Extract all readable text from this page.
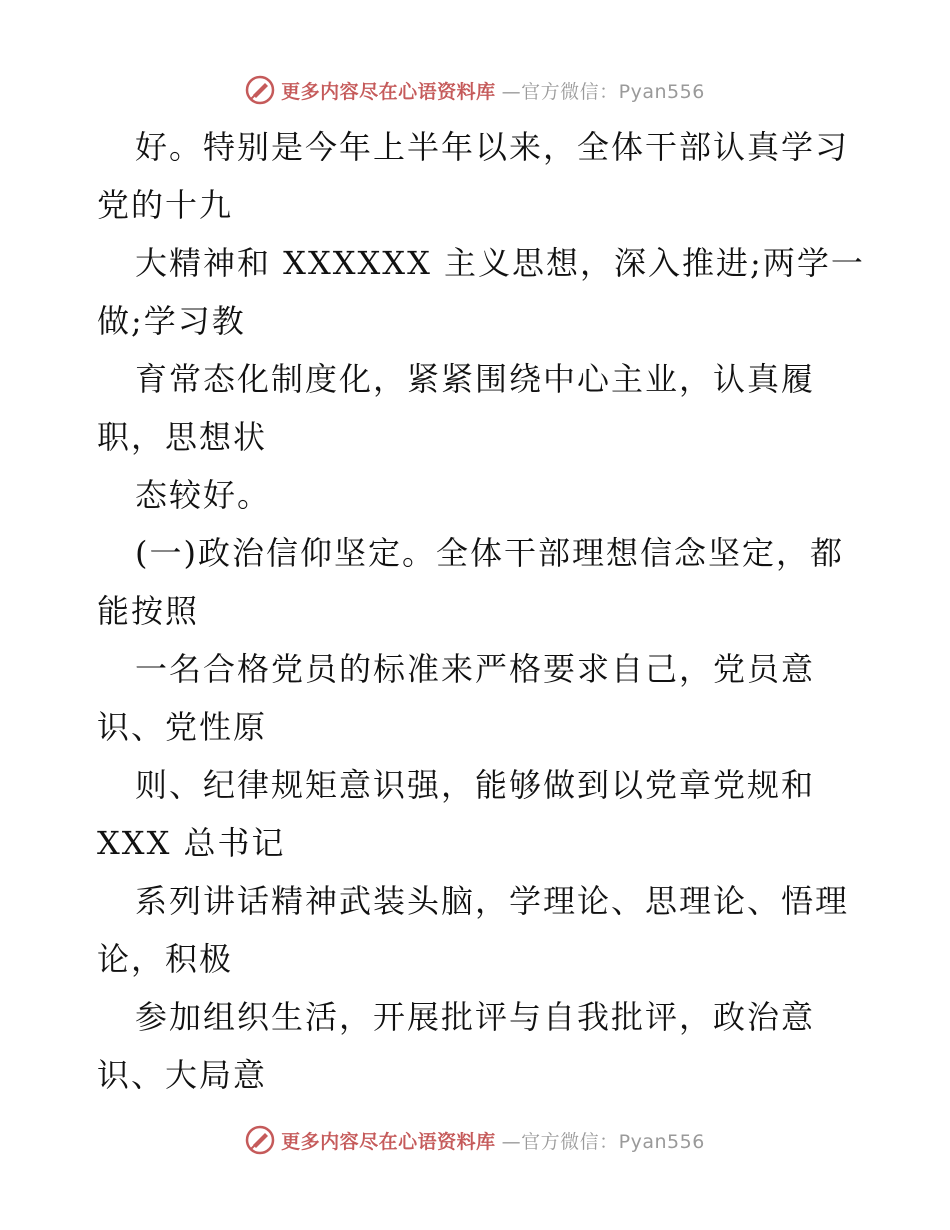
更多内容尽在心语资料库 —官方微信：Pyan556
好。特别是今年上半年以来，全体干部认真学习
党的十九
大精神和 XXXXXX 主义思想，深入推进;两学一
做;学习教
育常态化制度化，紧紧围绕中心主业，认真履
职，思想状
态较好。
(一)政治信仰坚定。全体干部理想信念坚定，都
能按照
一名合格党员的标准来严格要求自己，党员意
识、党性原
则、纪律规矩意识强，能够做到以党章党规和
XXX 总书记
系列讲话精神武装头脑，学理论、思理论、悟理
论，积极
参加组织生活，开展批评与自我批评，政治意
识、大局意
更多内容尽在心语资料库 —官方微信：Pyan556
